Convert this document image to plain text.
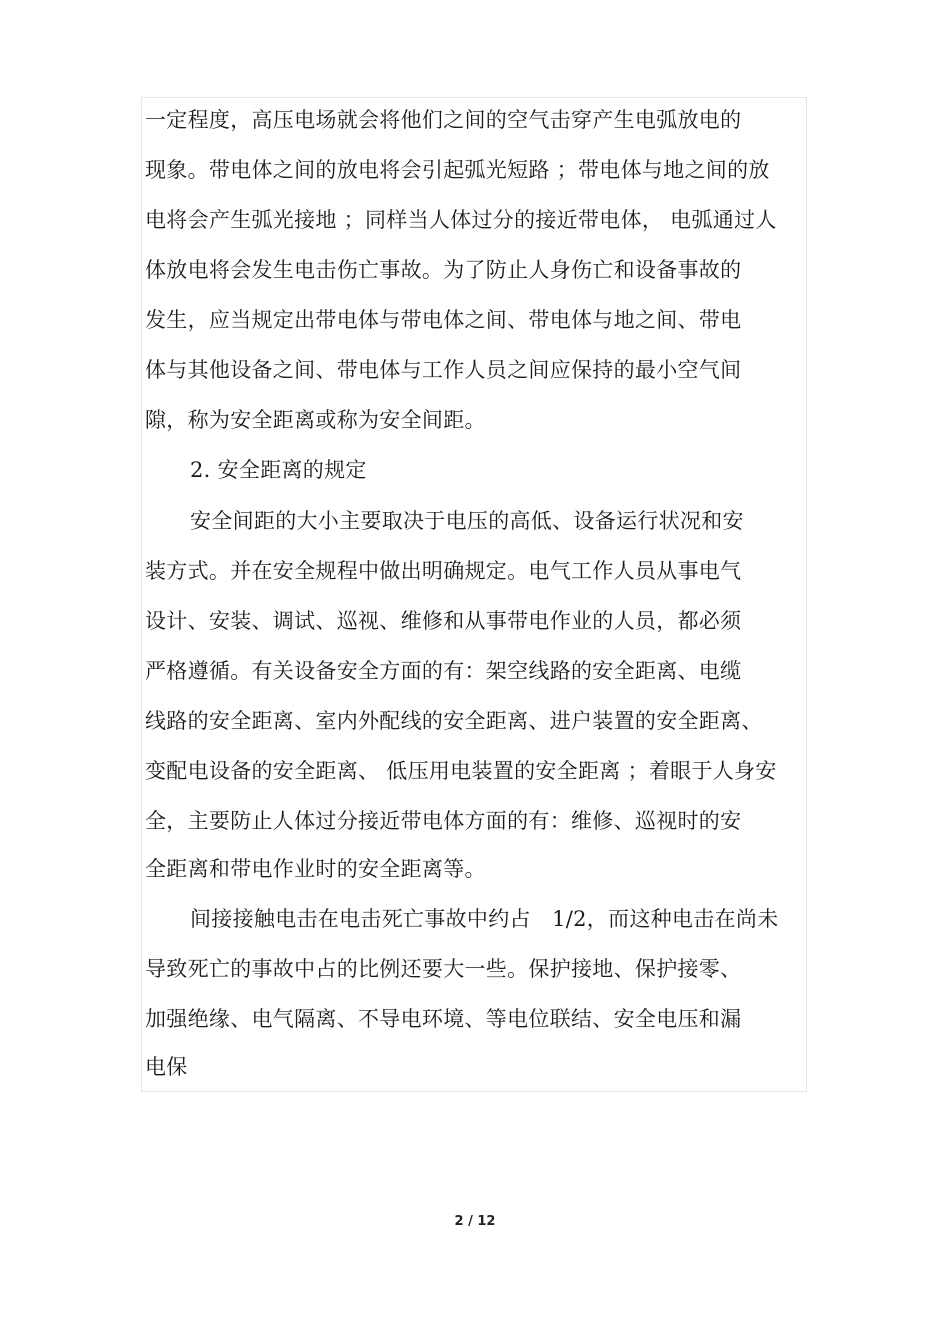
一定程度，高压电场就会将他们之间的空气击穿产生电弧放电的
现象。带电体之间的放电将会引起弧光短路 ；带电体与地之间的放
电将会产生弧光接地 ；同样当人体过分的接近带电体， 电弧通过人
体放电将会发生电击伤亡事故。为了防止人身伤亡和设备事故的
发生，应当规定出带电体与带电体之间、带电体与地之间、带电
体与其他设备之间、带电体与工作人员之间应保持的最小空气间
隙，称为安全距离或称为安全间距。
2. 安全距离的规定
安全间距的大小主要取决于电压的高低、设备运行状况和安
装方式。并在安全规程中做出明确规定。电气工作人员从事电气
设计、安装、调试、巡视、维修和从事带电作业的人员，都必须
严格遵循。有关设备安全方面的有：架空线路的安全距离、电缆
线路的安全距离、室内外配线的安全距离、进户装置的安全距离、
变配电设备的安全距离、 低压用电装置的安全距离 ；着眼于人身安
全，主要防止人体过分接近带电体方面的有：维修、巡视时的安
全距离和带电作业时的安全距离等。
间接接触电击在电击死亡事故中约占　1/2，而这种电击在尚未
导致死亡的事故中占的比例还要大一些。保护接地、保护接零、
加强绝缘、电气隔离、不导电环境、等电位联结、安全电压和漏
电保
2 / 12
